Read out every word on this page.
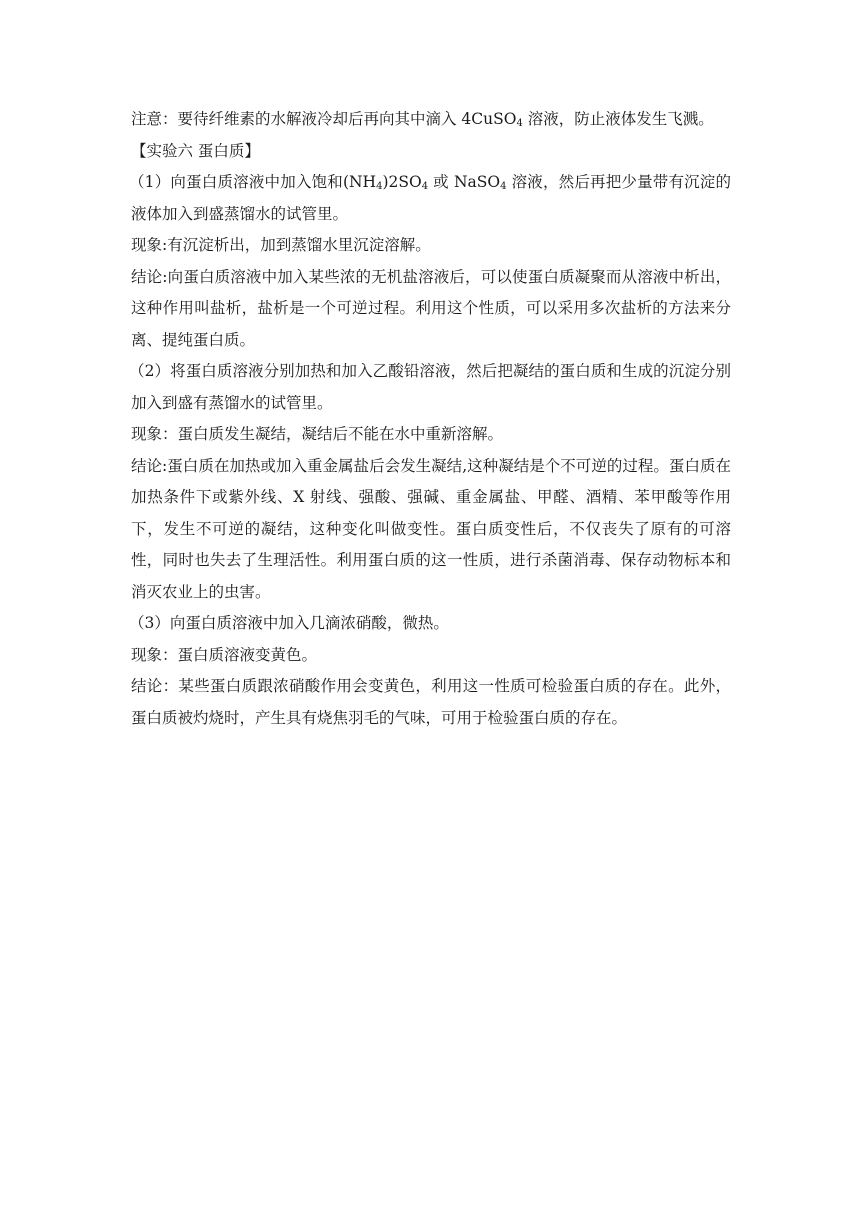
注意：要待纤维素的水解液冷却后再向其中滴入 4CuSO$_4$ 溶液，防止液体发生飞溅。

【实验六 蛋白质】

（1）向蛋白质溶液中加入饱和$(NH_4)2SO_4$ 或 NaSO$_4$ 溶液，然后再把少量带有沉淀的液体加入到盛蒸馏水的试管里。

现象:有沉淀析出，加到蒸馏水里沉淀溶解。

结论:向蛋白质溶液中加入某些浓的无机盐溶液后，可以使蛋白质凝聚而从溶液中析出，这种作用叫盐析，盐析是一个可逆过程。利用这个性质，可以采用多次盐析的方法来分离、提纯蛋白质。

（2）将蛋白质溶液分别加热和加入乙酸铅溶液，然后把凝结的蛋白质和生成的沉淀分别加入到盛有蒸馏水的试管里。

现象：蛋白质发生凝结，凝结后不能在水中重新溶解。

结论:蛋白质在加热或加入重金属盐后会发生凝结,这种凝结是个不可逆的过程。蛋白质在加热条件下或紫外线、X 射线、强酸、强碱、重金属盐、甲醛、酒精、苯甲酸等作用下，发生不可逆的凝结，这种变化叫做变性。蛋白质变性后，不仅丧失了原有的可溶性，同时也失去了生理活性。利用蛋白质的这一性质，进行杀菌消毒、保存动物标本和消灭农业上的虫害。

（3）向蛋白质溶液中加入几滴浓硝酸，微热。

现象：蛋白质溶液变黄色。

结论：某些蛋白质跟浓硝酸作用会变黄色，利用这一性质可检验蛋白质的存在。此外，蛋白质被灼烧时，产生具有烧焦羽毛的气味，可用于检验蛋白质的存在。
